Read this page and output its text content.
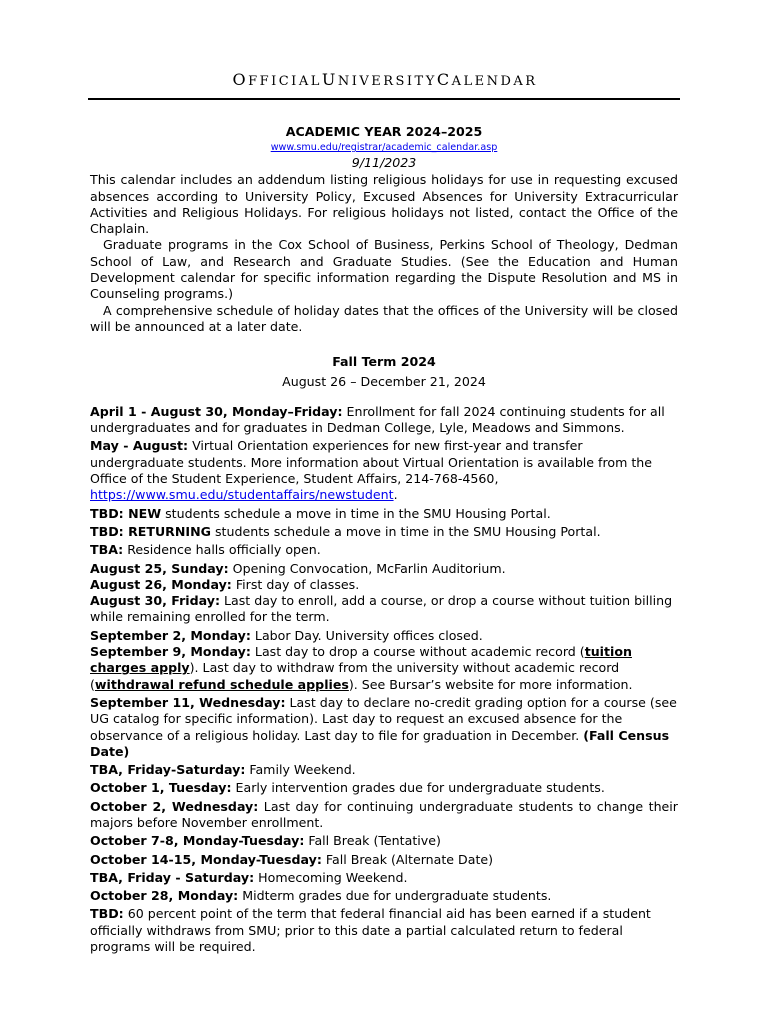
OFFICIALUNIVERSITYCALENDAR
ACADEMIC YEAR 2024–2025
www.smu.edu/registrar/academic_calendar.asp
9/11/2023

This calendar includes an addendum listing religious holidays for use in requesting excused absences according to University Policy, Excused Absences for University Extracurricular Activities and Religious Holidays. For religious holidays not listed, contact the Office of the Chaplain.

Graduate programs in the Cox School of Business, Perkins School of Theology, Dedman School of Law, and Research and Graduate Studies. (See the Education and Human Development calendar for specific information regarding the Dispute Resolution and MS in Counseling programs.)

A comprehensive schedule of holiday dates that the offices of the University will be closed will be announced at a later date.

Fall Term 2024
August 26 – December 21, 2024

April 1 - August 30, Monday–Friday: Enrollment for fall 2024 continuing students for all undergraduates and for graduates in Dedman College, Lyle, Meadows and Simmons.

May - August: Virtual Orientation experiences for new first-year and transfer undergraduate students. More information about Virtual Orientation is available from the Office of the Student Experience, Student Affairs, 214-768-4560, https://www.smu.edu/studentaffairs/newstudent.

TBD: NEW students schedule a move in time in the SMU Housing Portal.

TBD: RETURNING students schedule a move in time in the SMU Housing Portal.

TBA: Residence halls officially open.

August 25, Sunday: Opening Convocation, McFarlin Auditorium.

August 26, Monday: First day of classes.

August 30, Friday: Last day to enroll, add a course, or drop a course without tuition billing while remaining enrolled for the term.

September 2, Monday: Labor Day. University offices closed.

September 9, Monday: Last day to drop a course without academic record (tuition charges apply). Last day to withdraw from the university without academic record (withdrawal refund schedule applies). See Bursar’s website for more information.

September 11, Wednesday: Last day to declare no-credit grading option for a course (see UG catalog for specific information). Last day to request an excused absence for the observance of a religious holiday. Last day to file for graduation in December. (Fall Census Date)

TBA, Friday-Saturday: Family Weekend.

October 1, Tuesday: Early intervention grades due for undergraduate students.

October 2, Wednesday: Last day for continuing undergraduate students to change their majors before November enrollment.

October 7-8, Monday-Tuesday: Fall Break (Tentative)

October 14-15, Monday-Tuesday: Fall Break (Alternate Date)

TBA, Friday - Saturday: Homecoming Weekend.

October 28, Monday: Midterm grades due for undergraduate students.

TBD: 60 percent point of the term that federal financial aid has been earned if a student officially withdraws from SMU; prior to this date a partial calculated return to federal programs will be required.
